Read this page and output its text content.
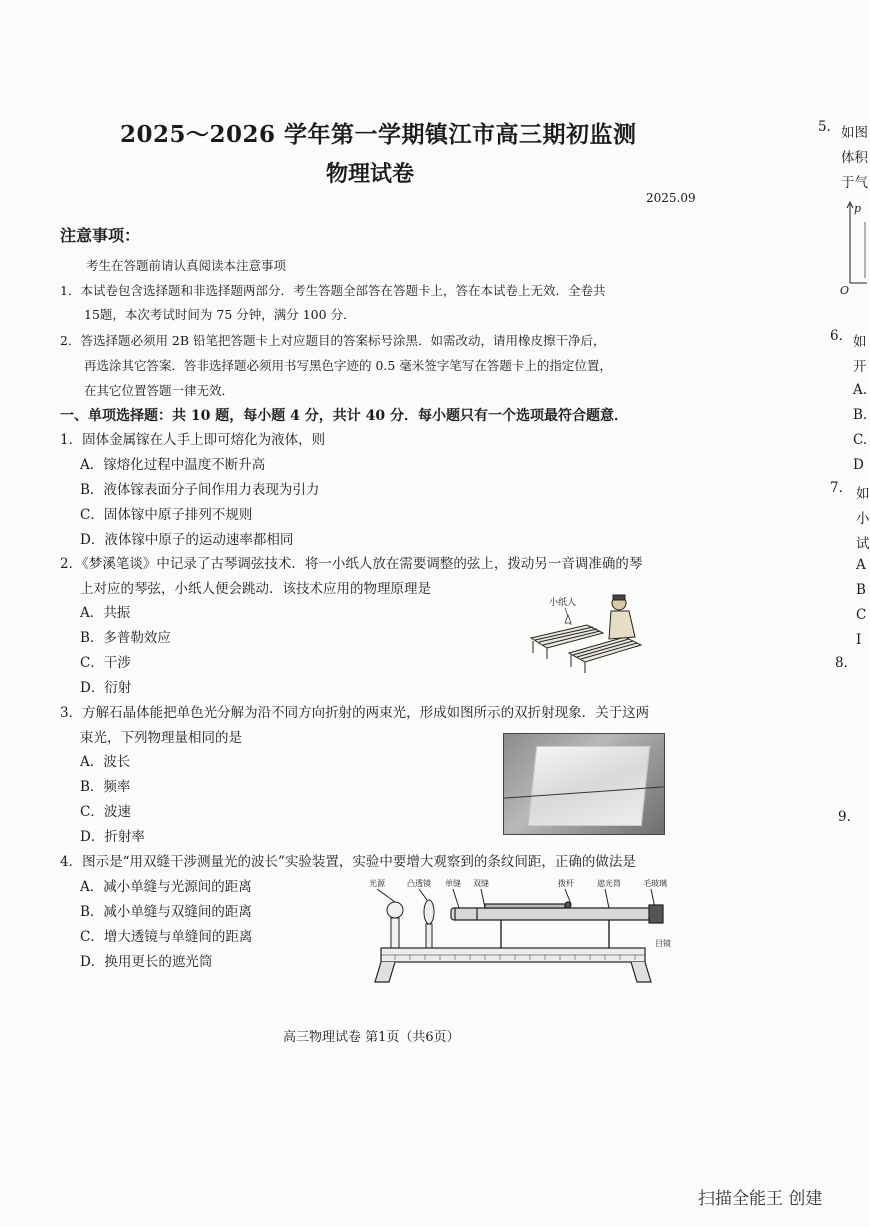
2025～2026 学年第一学期镇江市高三期初监测
物理试卷
2025.09
注意事项：
考生在答题前请认真阅读本注意事项
1．本试卷包含选择题和非选择题两部分．考生答题全部答在答题卡上，答在本试卷上无效．全卷共
15题，本次考试时间为 75 分钟，满分 100 分．
2．答选择题必须用 2B 铅笔把答题卡上对应题目的答案标号涂黑．如需改动，请用橡皮擦干净后，
再选涂其它答案．答非选择题必须用书写黑色字迹的 0.5 毫米签字笔写在答题卡上的指定位置，
在其它位置答题一律无效．
一、单项选择题：共 10 题，每小题 4 分，共计 40 分．每小题只有一个选项最符合题意．
1．固体金属镓在人手上即可熔化为液体，则
A．镓熔化过程中温度不断升高
B．液体镓表面分子间作用力表现为引力
C．固体镓中原子排列不规则
D．液体镓中原子的运动速率都相同
2．《梦溪笔谈》中记录了古琴调弦技术．将一小纸人放在需要调整的弦上，拨动另一音调准确的琴
上对应的琴弦，小纸人便会跳动．该技术应用的物理原理是
A．共振
B．多普勒效应
C．干涉
D．衍射
小纸人
3．方解石晶体能把单色光分解为沿不同方向折射的两束光，形成如图所示的双折射现象．关于这两
束光，下列物理量相同的是
A．波长
B．频率
C．波速
D．折射率
4．图示是“用双缝干涉测量光的波长”实验装置，实验中要增大观察到的条纹间距，正确的做法是
A．减小单缝与光源间的距离
B．减小单缝与双缝间的距离
C．增大透镜与单缝间的距离
D．换用更长的遮光筒
光源	凸透镜 单缝 双缝	拨杆	遮光筒	毛玻璃
目镜
高三物理试卷 第1页（共6页）
扫描全能王 创建
5． 如图
体积
于气
p
O
6． 如
开
A.
B.
C.
D
7． 如
小
试
A
B
C
I
8．
9．
